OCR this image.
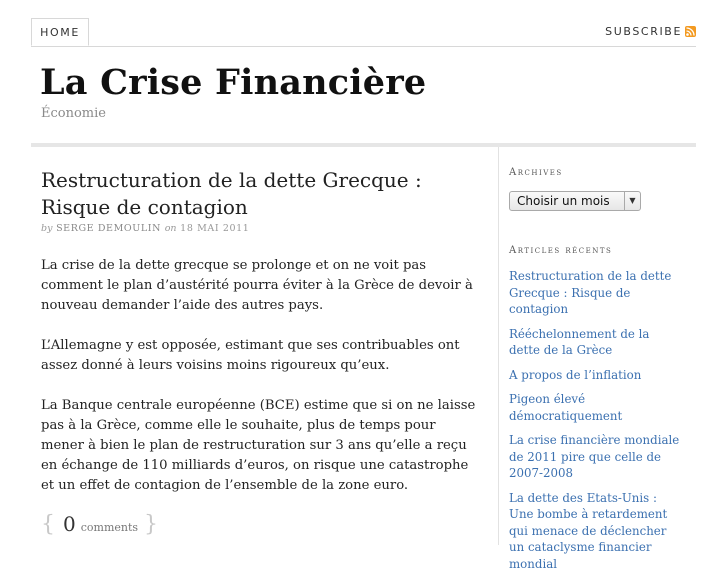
HOME	SUBSCRIBE
La Crise Financière
Économie
Restructuration de la dette Grecque : Risque de contagion
by SERGE DEMOULIN on 18 MAI 2011

La crise de la dette grecque se prolonge et on ne voit pas comment le plan d’austérité pourra éviter à la Grèce de devoir à nouveau demander l’aide des autres pays.

L’Allemagne y est opposée, estimant que ses contribuables ont assez donné à leurs voisins moins rigoureux qu’eux.

La Banque centrale européenne (BCE) estime que si on ne laisse pas à la Grèce, comme elle le souhaite, plus de temps pour mener à bien le plan de restructuration sur 3 ans qu’elle a reçu en échange de 110 milliards d’euros, on risque une catastrophe et un effet de contagion de l’ensemble de la zone euro.

{ 0 comments }
Archives
Choisir un mois	▼
Articles récents
Restructuration de la dette Grecque : Risque de contagion
Rééchelonnement de la dette de la Grèce
A propos de l’inflation
Pigeon élevé démocratiquement
La crise financière mondiale de 2011 pire que celle de 2007-2008
La dette des Etats-Unis : Une bombe à retardement qui menace de déclencher un cataclysme financier mondial
